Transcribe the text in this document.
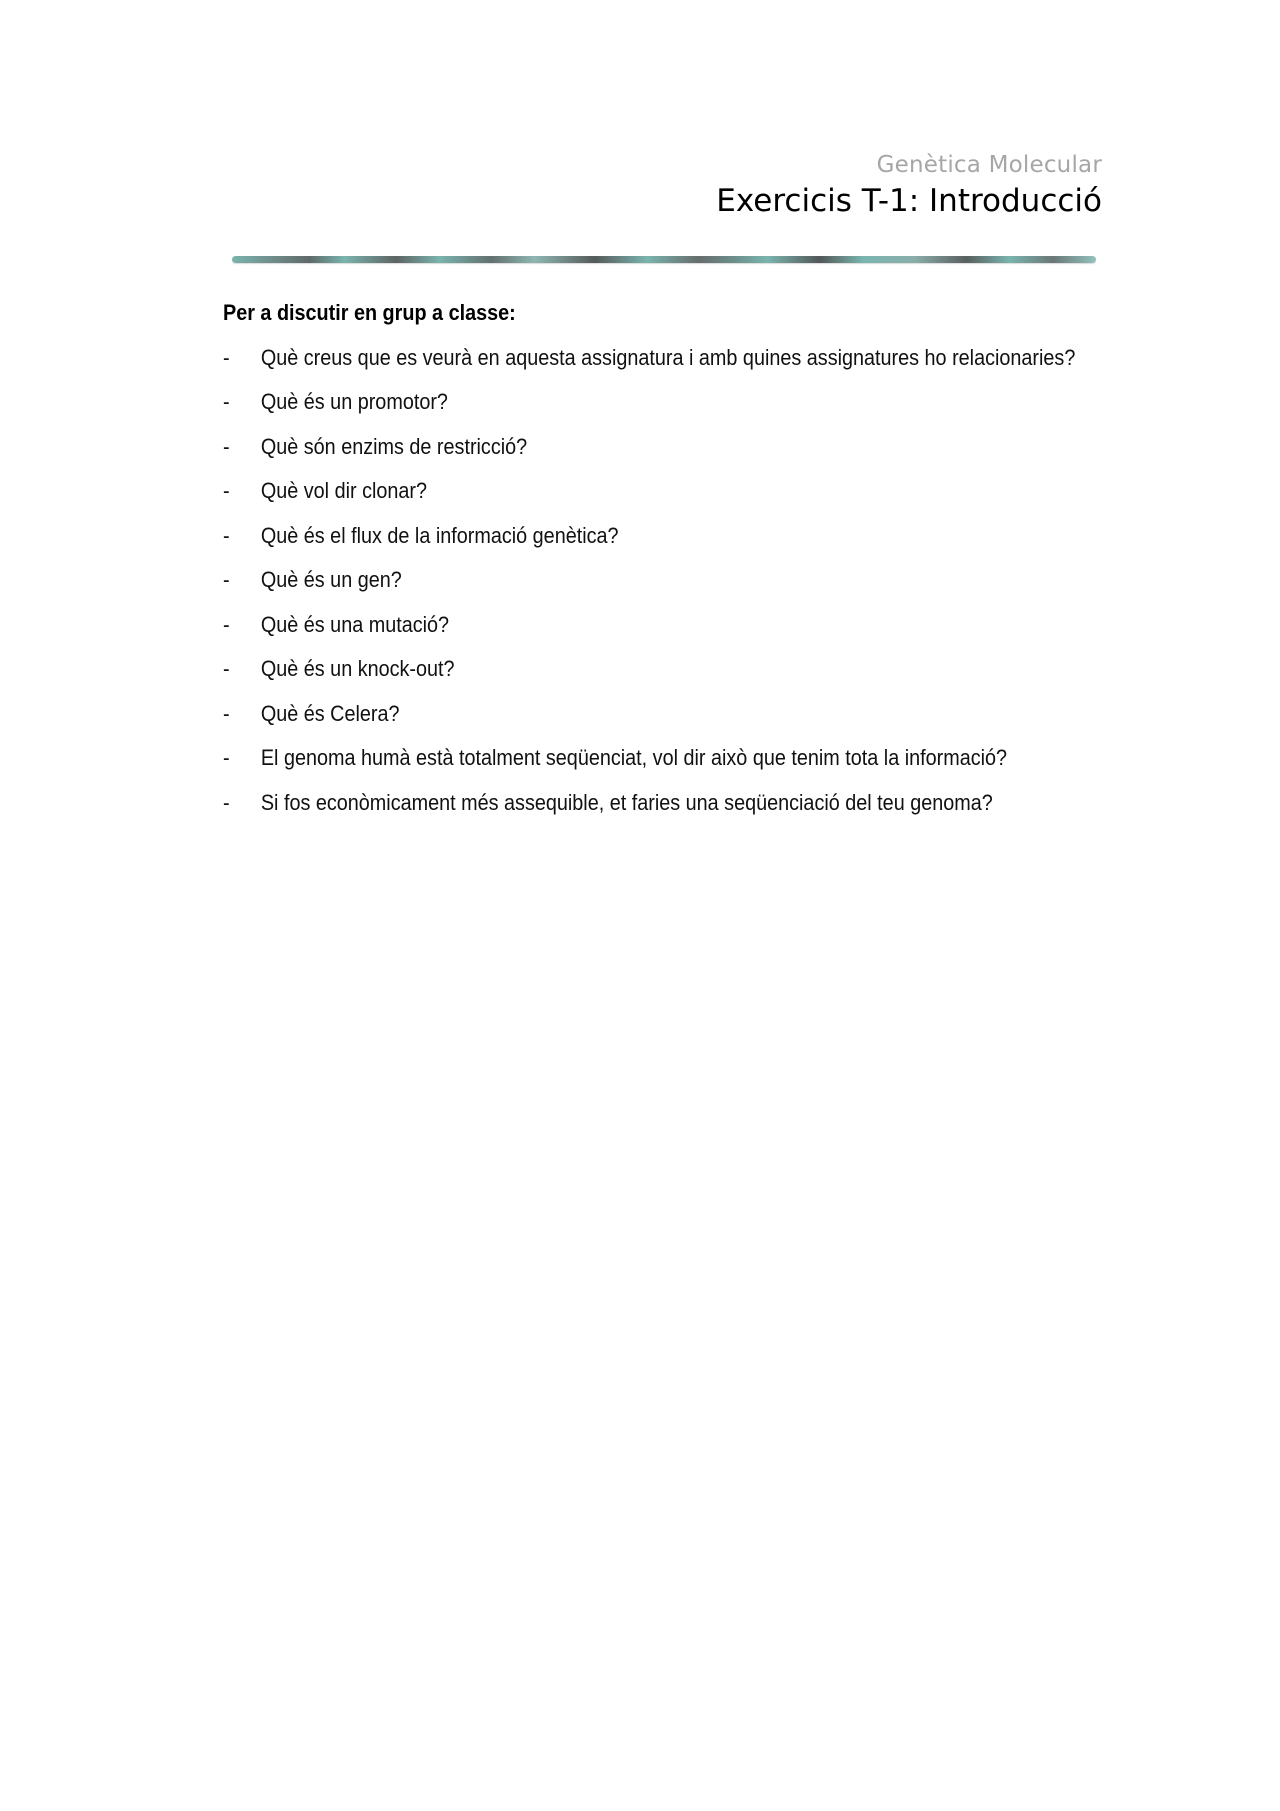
Genètica Molecular
Exercicis T-1: Introducció

Per a discutir en grup a classe:

- Què creus que es veurà en aquesta assignatura i amb quines assignatures ho relacionaries?
- Què és un promotor?
- Què són enzims de restricció?
- Què vol dir clonar?
- Què és el flux de la informació genètica?
- Què és un gen?
- Què és una mutació?
- Què és un knock-out?
- Què és Celera?
- El genoma humà està totalment seqüenciat, vol dir això que tenim tota la informació?
- Si fos econòmicament més assequible, et faries una seqüenciació del teu genoma?
